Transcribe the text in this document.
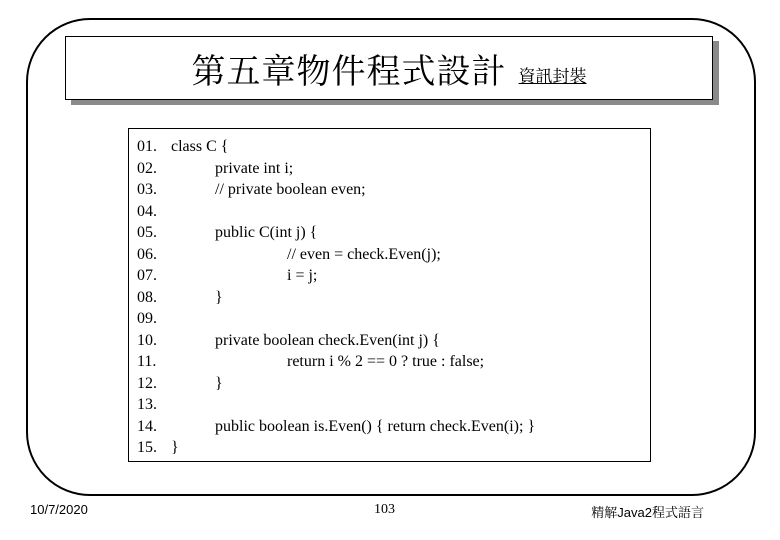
第五章物件程式設計 資訊封裝
01. class C {
02.	private int i;
03.	// private boolean even;
04.
05.	public C(int j) {
06.	// even = check.Even(j);
07.	i = j;
08.	}
09.
10.	private boolean check.Even(int j) {
11.	return i % 2 == 0 ? true : false;
12.	}
13.
14.	public boolean is.Even() { return check.Even(i); }
15. }
10/7/2020	103	精解Java2程式語言
